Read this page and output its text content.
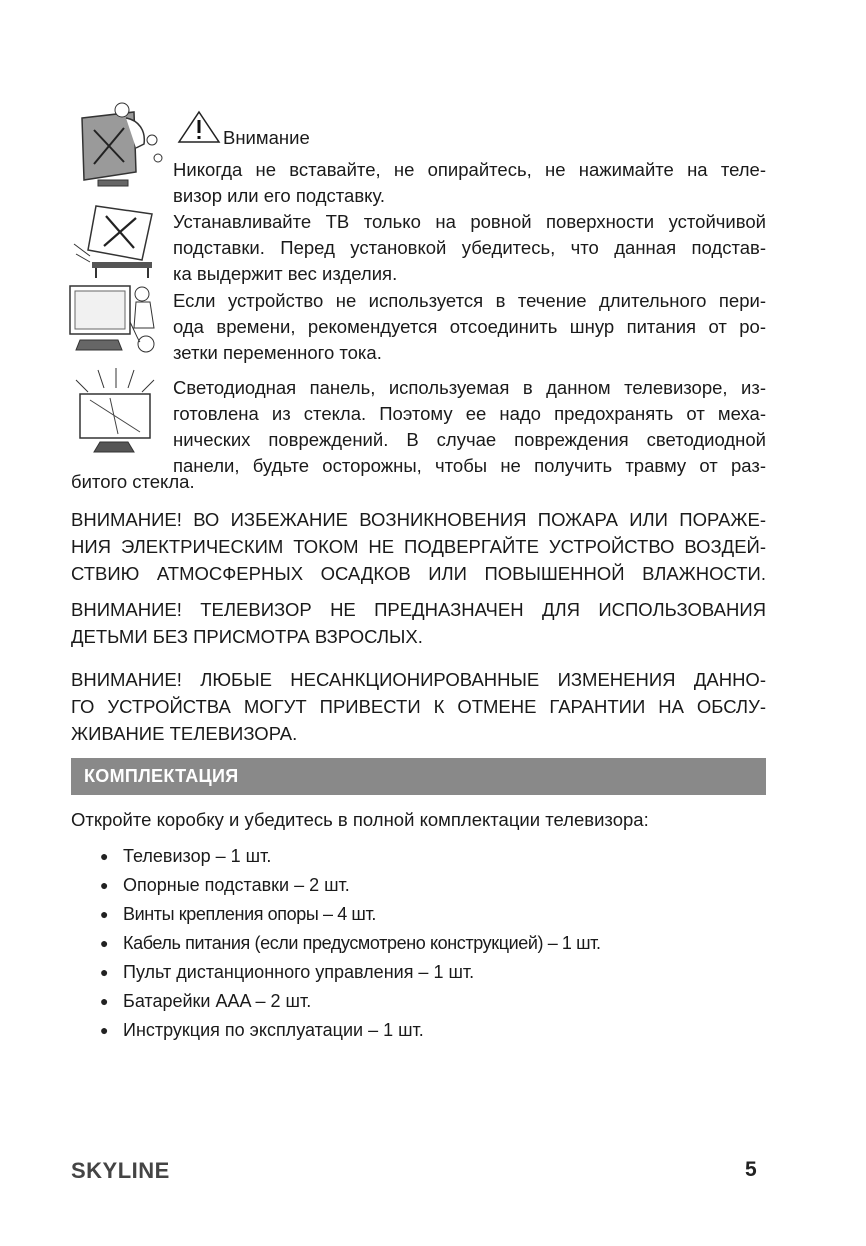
Внимание
Никогда не вставайте, не опирайтесь, не нажимайте на теле-
визор или его подставку.
Устанавливайте ТВ только на ровной поверхности устойчивой
подставки. Перед установкой убедитесь, что данная подстав-
ка выдержит вес изделия.
Если устройство не используется в течение длительного пери-
ода времени, рекомендуется отсоединить шнур питания от ро-
зетки переменного тока.
Светодиодная панель, используемая в данном телевизоре, из-
готовлена из стекла. Поэтому ее надо предохранять от меха-
нических повреждений. В случае повреждения светодиодной
панели, будьте осторожны, чтобы не получить травму от раз-
битого стекла.
ВНИМАНИЕ! ВО ИЗБЕЖАНИЕ ВОЗНИКНОВЕНИЯ ПОЖАРА ИЛИ ПОРАЖЕ-
НИЯ ЭЛЕКТРИЧЕСКИМ ТОКОМ НЕ ПОДВЕРГАЙТЕ УСТРОЙСТВО ВОЗДЕЙ-
СТВИЮ АТМОСФЕРНЫХ ОСАДКОВ ИЛИ ПОВЫШЕННОЙ ВЛАЖНОСТИ.
ВНИМАНИЕ! ТЕЛЕВИЗОР НЕ ПРЕДНАЗНАЧЕН ДЛЯ ИСПОЛЬЗОВАНИЯ
ДЕТЬМИ БЕЗ ПРИСМОТРА ВЗРОСЛЫХ.
ВНИМАНИЕ! ЛЮБЫЕ НЕСАНКЦИОНИРОВАННЫЕ ИЗМЕНЕНИЯ ДАННО-
ГО УСТРОЙСТВА МОГУТ ПРИВЕСТИ К ОТМЕНЕ ГАРАНТИИ НА ОБСЛУ-
ЖИВАНИЕ ТЕЛЕВИЗОРА.
КОМПЛЕКТАЦИЯ
Откройте коробку и убедитесь в полной комплектации телевизора:
● Телевизор – 1 шт.
● Опорные подставки – 2 шт.
● Винты крепления опоры – 4 шт.
● Кабель питания (если предусмотрено конструкцией) – 1 шт.
● Пульт дистанционного управления – 1 шт.
● Батарейки AAA – 2 шт.
● Инструкция по эксплуатации – 1 шт.
SKYLINE	5
